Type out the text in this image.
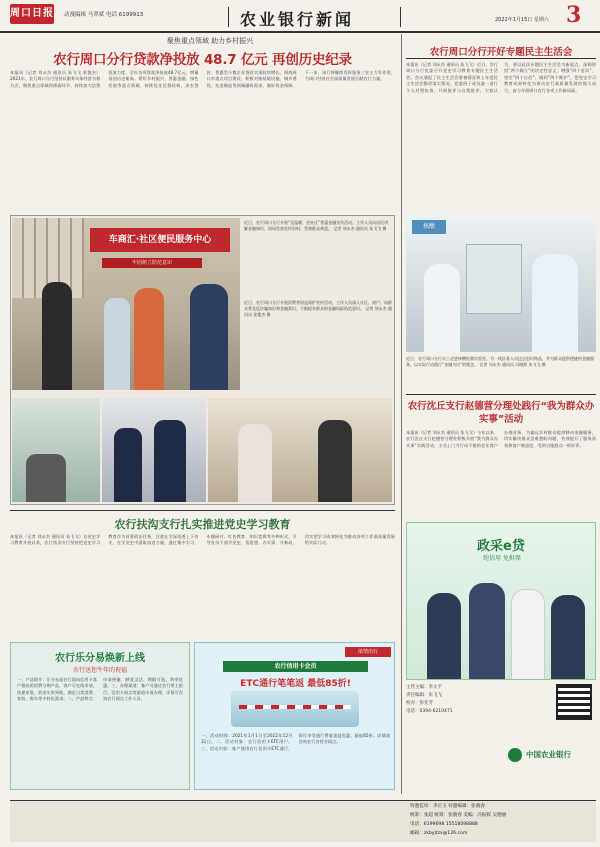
周口日报 动漫编辑 马翠斌 电话 6199913	农业银行新闻	2022年1月15日 星期六 3
聚焦重点领域 助力乡村振兴
农行周口分行贷款净投放 48.7 亿元 再创历史纪录
本报讯（记者 刘永杰 通讯员 朱飞飞 张俊杰）2021年，农行周口分行坚持以服务实体经济为着力点，聚焦重点领域和薄弱环节，持续加大信贷投放力度，全年各项贷款净投放48.7亿元，增量再创历史新高。紧盯乡村振兴、普惠金融、绿色发展等重点领域，持续优化信贷结构，涉农贷款、普惠型小微企业贷款实现较快增长。围绕周口市重点项目建设，积极对接基础设施、城乡建设、先进制造等领域融资需求，做好资金保障。下一步，该行将继续发挥服务三农主力军作用，为周口经济社会高质量发展贡献农行力量。
车商汇·社区便民服务中心
牢固树立防范意识
近日，农行周口分行开展“送温暖、进社区”普惠金融宣传活动，工作人员向居民讲解金融知识，现场发放宣传资料，受到群众欢迎。 记者 刘永杰 通讯员 朱飞飞 摄
近日，农行周口分行开展消费者权益保护宣传活动，工作人员深入社区、商户，向群众普及反诈骗知识和金融常识，不断提升群众的金融风险防范意识。 记者 刘永杰 通讯员 张俊杰 摄
农行扶沟支行扎实推进党史学习教育
本报讯（记者 刘永杰 通讯员 朱飞飞）自党史学习教育开展以来，农行扶沟支行坚持把党史学习教育作为首要政治任务，注重在学深悟透上下功夫，在学党史中汲取奋进力量，通过集中学习、专题研讨、红色教育、知识竞赛等多种形式，引导党员干部学党史、悟思想、办实事、开新局，切实把学习成效转化为推动各项工作高质量发展的实际行动。
农行乐分易焕新上线
农行送您牛年的祝福
一、产品简介：乐分易是农行面向信用卡客户推出的消费分期产品，客户可在线申请、快速审批，资金实时到账，满足日常消费、家装、购车等多样化需求。二、产品特点：申请便捷、额度灵活、期限可选、利率优惠。三、办理渠道：客户可通过农行掌上银行、信用卡网点等渠道申请办理，详情可咨询农行网点工作人员。
浓情出行
农行信用卡会员
ETC通行笔笔返 最低85折!
一、活动时间：2021年1月1日至2022年12月31日。二、活动对象：农行信用卡ETC用户。三、活动内容：客户使用农行信用卡ETC通行，即可享受通行费笔笔返优惠，最低85折。详情请咨询农行各营业网点。
农行周口分行开好专题民主生活会
本报讯（记者 刘永杰 通讯员 朱飞飞）近日，农行周口分行党委召开党史学习教育专题民主生活会。会议通报了民主生活会准备情况和上年度民主生活会整改落实情况，党委班子成员逐一进行个人对照检查，开展批评与自我批评。大家认为，要以此次专题民主生活会为新起点，深刻领悟“两个确立”的决定性意义，增强“四个意识”、坚定“四个自信”、做到“两个维护”，把党史学习教育成果转化为推动农行高质量发展的强大动力，奋力开创周口农行各项工作新局面。
核酸
近日，农行周口分行员工走进核酸检测实验室，为一线医务人员送去慰问物品，并为群众提供便捷的金融服务，以实际行动践行“金融为民”的理念。 记者 刘永杰 通讯员 冯晓辉 朱飞飞 摄
农行沈丘支行赵德营分理处践行“我为群众办实事”活动
本报讯（记者 刘永杰 通讯员 朱飞飞）今年以来，农行沈丘支行赵德营分理处积极开展“我为群众办实事”实践活动，主动上门为行动不便的老年客户办理业务，为偏远乡村群众提供移动金融服务，切实解决群众急难愁盼问题，有效提升了服务质效和客户满意度，受到当地群众一致好评。
政采e贷
纯信用 免担保
主管主编：李太平
责任编辑：朱飞飞
校对：彭亚芳
电话：0394-6210471
中国农业银行
特邀监审：李正玉 特邀编辑：张晓春
统筹：张超 统筹：张晓春 美编：冯振辉 吴德丽
电话：6199698 15518098888
邮箱：zkbyjtzx@126.com
